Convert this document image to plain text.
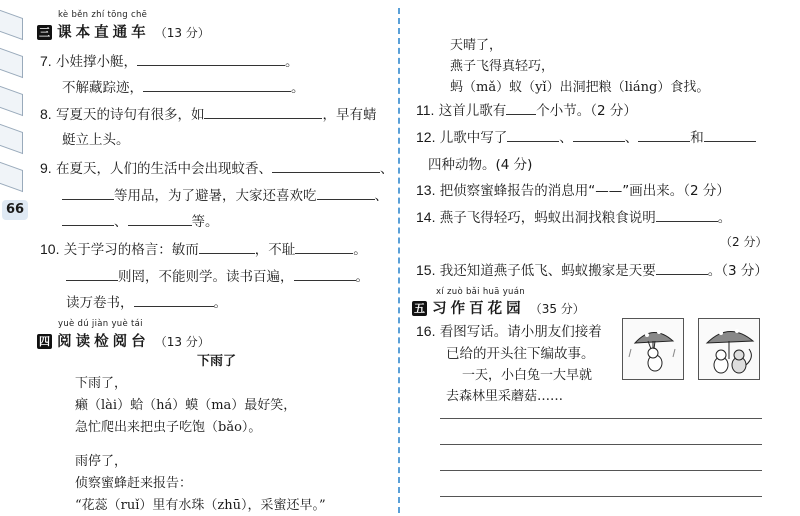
66
kè běn zhí tōng chē
三 课本直通车 （13 分）
7. 小娃撑小艇，	。
不解藏踪迹，	。
8. 写夏天的诗句有很多，如	，早有蜻
蜓立上头。
9. 在夏天，人们的生活中会出现蚊香、	、
等用品，为了避暑，大家还喜欢吃	、
、	等。
10. 关于学习的格言：敏而	，不耻	。
则罔，不能则学。读书百遍，	。
读万卷书，	。
yuè dú jiàn yuè tái
四 阅读检阅台 （13 分）
下雨了
下雨了，
癞（lài）蛤（há）蟆（ma）最好笑，
急忙爬出来把虫子吃饱（bǎo）。
雨停了，
侦察蜜蜂赶来报告：
“花蕊（ruǐ）里有水珠（zhū），采蜜还早。”
天晴了，
燕子飞得真轻巧，
蚂（mǎ）蚁（yǐ）出洞把粮（liáng）食找。
11. 这首儿歌有 个小节。（2 分）
12. 儿歌中写了	、	、	和
四种动物。(4 分)
13. 把侦察蜜蜂报告的消息用“——”画出来。（2 分）
14. 燕子飞得轻巧，蚂蚁出洞找粮食说明	。
（2 分）
15. 我还知道燕子低飞、蚂蚁搬家是天要	。（3 分）
xí zuò bǎi huā yuán
五 习作百花园 （35 分）
16. 看图写话。请小朋友们接着
已给的开头往下编故事。
一天，小白兔一大早就
去森林里采蘑菇……
